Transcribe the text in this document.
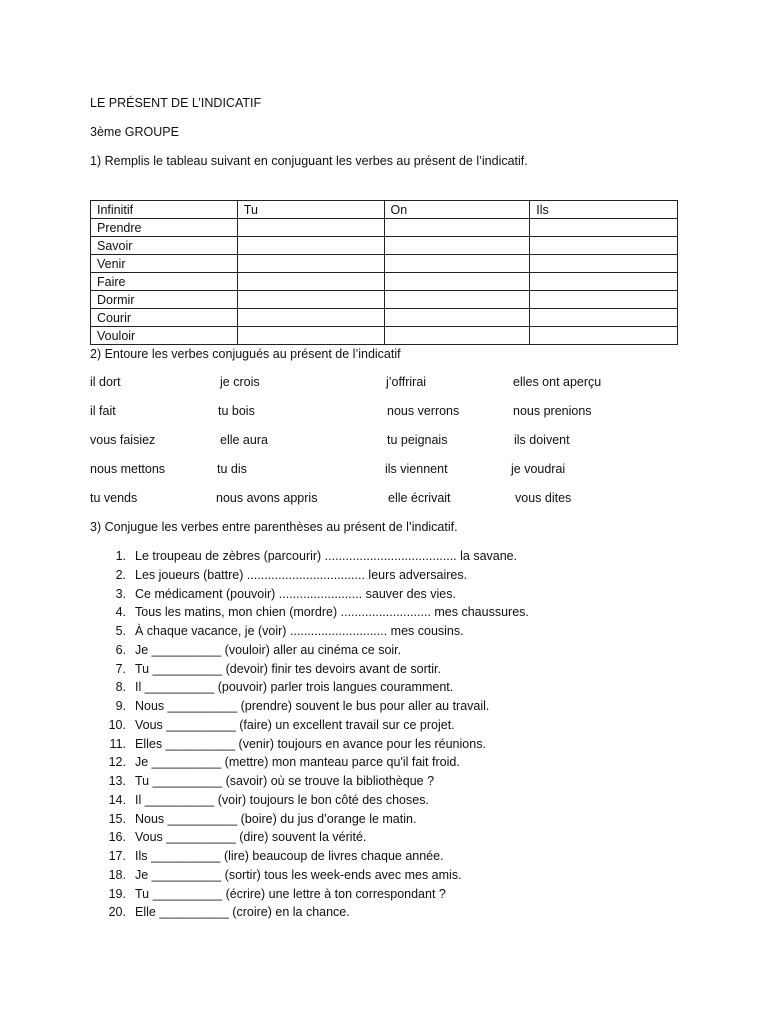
LE PRÉSENT DE L’INDICATIF
3ème GROUPE
1) Remplis le tableau suivant en conjuguant les verbes au présent de l’indicatif.
Infinitif	Tu	On	Ils
Prendre			
Savoir			
Venir			
Faire			
Dormir			
Courir			
Vouloir			
2) Entoure les verbes conjugués au présent de l’indicatif
il dort	je crois	j’offrirai	elles ont aperçu
il fait	tu bois	nous verrons	nous prenions
vous faisiez	elle aura	tu peignais	ils doivent
nous mettons	tu dis	ils viennent	je voudrai
tu vends	nous avons appris	elle écrivait	vous dites
3) Conjugue les verbes entre parenthèses au présent de l’indicatif.
1. Le troupeau de zèbres (parcourir) ...................................... la savane.
2. Les joueurs (battre) .................................. leurs adversaires.
3. Ce médicament (pouvoir) ........................ sauver des vies.
4. Tous les matins, mon chien (mordre) .......................... mes chaussures.
5. À chaque vacance, je (voir) ............................ mes cousins.
6. Je __________ (vouloir) aller au cinéma ce soir.
7. Tu __________ (devoir) finir tes devoirs avant de sortir.
8. Il __________ (pouvoir) parler trois langues couramment.
9. Nous __________ (prendre) souvent le bus pour aller au travail.
10. Vous __________ (faire) un excellent travail sur ce projet.
11. Elles __________ (venir) toujours en avance pour les réunions.
12. Je __________ (mettre) mon manteau parce qu'il fait froid.
13. Tu __________ (savoir) où se trouve la bibliothèque ?
14. Il __________ (voir) toujours le bon côté des choses.
15. Nous __________ (boire) du jus d’orange le matin.
16. Vous __________ (dire) souvent la vérité.
17. Ils __________ (lire) beaucoup de livres chaque année.
18. Je __________ (sortir) tous les week-ends avec mes amis.
19. Tu __________ (écrire) une lettre à ton correspondant ?
20. Elle __________ (croire) en la chance.
